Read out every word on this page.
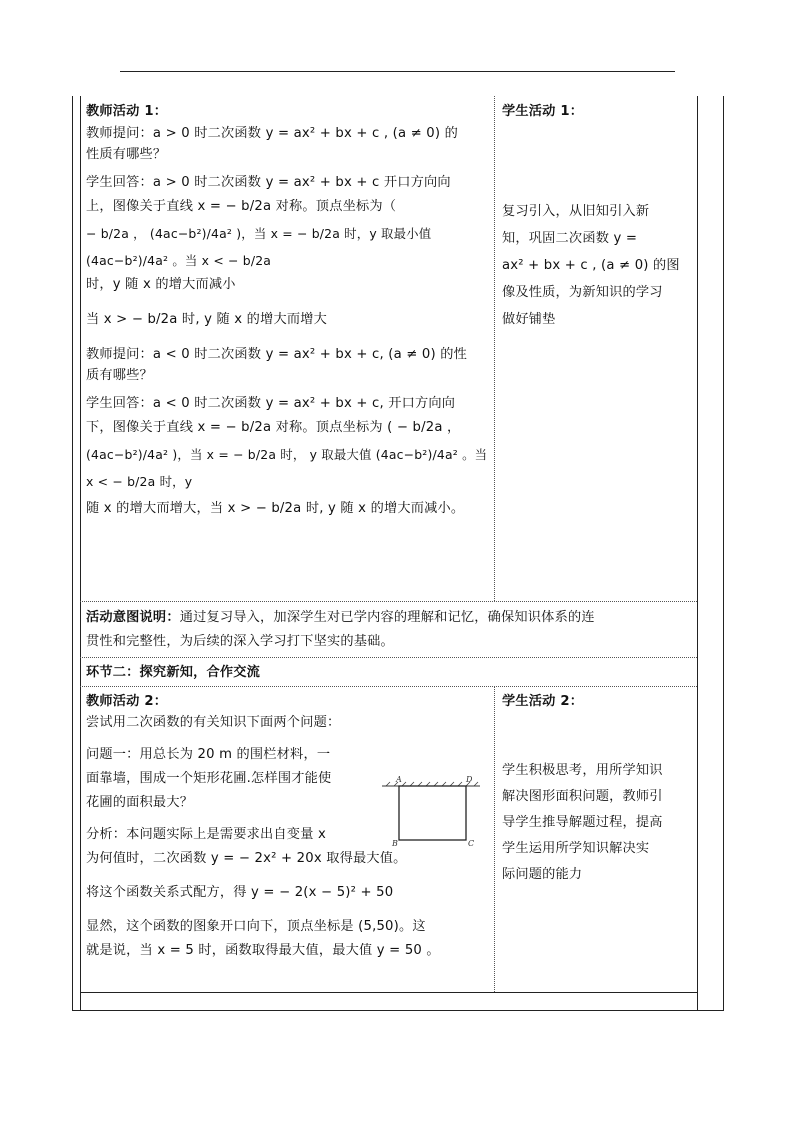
教师活动 1：

教师提问：a > 0 时二次函数 y = ax² + bx + c , (a ≠ 0) 的

性质有哪些？

学生回答：a > 0 时二次函数 y = ax² + bx + c 开口方向向
上，图像关于直线 x = − b/2a 对称。顶点坐标为（
− b/2a ， (4ac−b²)/4a² )，当 x = − b/2a 时，y 取最小值 (4ac−b²)/4a² 。当 x < − b/2a

时，y 随 x 的增大而减小

当 x > − b/2a 时, y 随 x 的增大而增大

教师提问：a < 0 时二次函数 y = ax² + bx + c, (a ≠ 0) 的性

质有哪些？

学生回答：a < 0 时二次函数 y = ax² + bx + c, 开口方向向
下，图像关于直线 x = − b/2a 对称。顶点坐标为 ( − b/2a ，
(4ac−b²)/4a² )，当 x = − b/2a 时， y 取最大值 (4ac−b²)/4a² 。当 x < − b/2a 时，y
随 x 的增大而增大，当 x > − b/2a 时, y 随 x 的增大而减小。

学生活动 1：

复习引入，从旧知引入新
知，巩固二次函数 y =
ax² + bx + c , (a ≠ 0) 的图
像及性质，为新知识的学习
做好铺垫
活动意图说明：通过复习导入，加深学生对已学内容的理解和记忆，确保知识体系的连
贯性和完整性，为后续的深入学习打下坚实的基础。
环节二：探究新知，合作交流

教师活动 2：

尝试用二次函数的有关知识下面两个问题：

问题一：用总长为 20 m 的围栏材料，一
面靠墙，围成一个矩形花圃.怎样围才能使

花圃的面积最大？

分析：本问题实际上是需要求出自变量 x

为何值时，二次函数 y = − 2x² + 20x 取得最大值。

将这个函数关系式配方，得 y = − 2(x − 5)² + 50

显然，这个函数的图象开口向下，顶点坐标是 (5,50)。这
就是说，当 x = 5 时，函数取得最大值，最大值 y = 50 。
A	D
B	C

学生活动 2：

学生积极思考，用所学知识
解决图形面积问题，教师引
导学生推导解题过程，提高
学生运用所学知识解决实
际问题的能力
